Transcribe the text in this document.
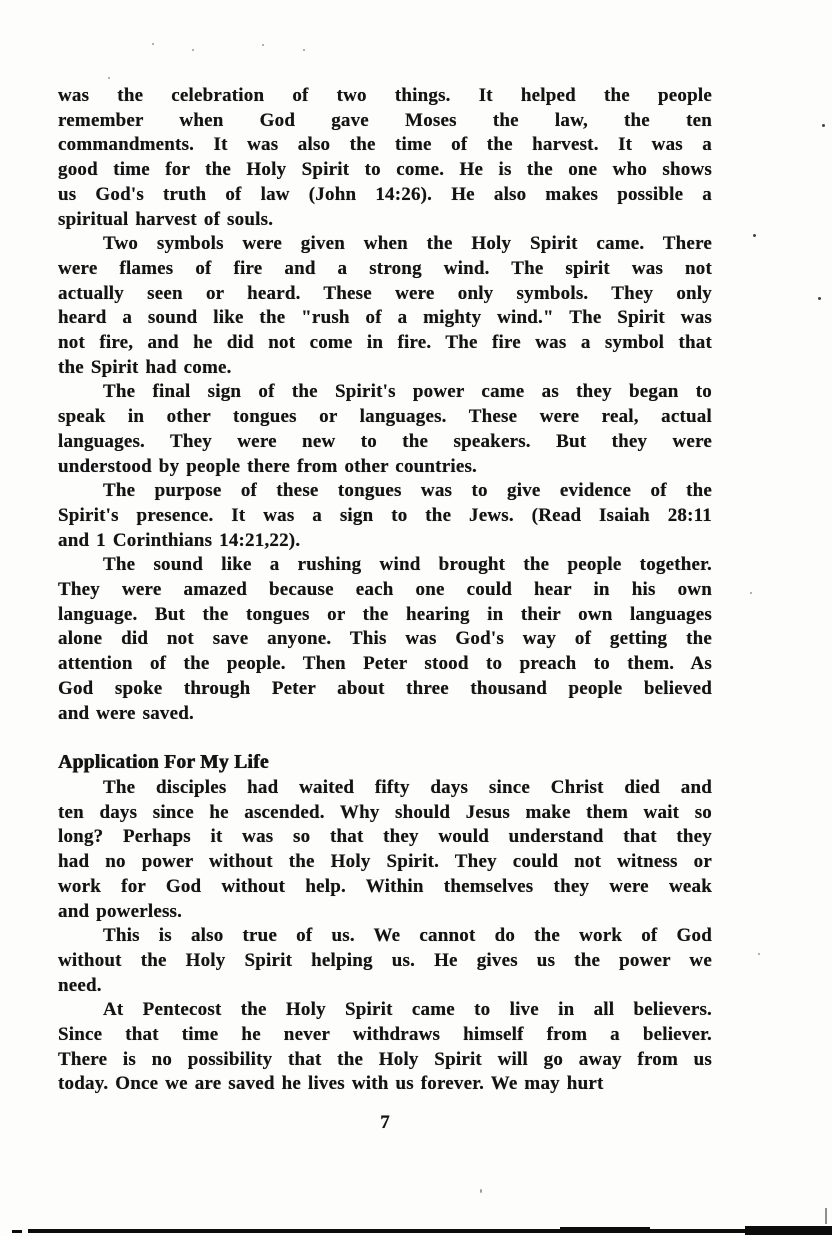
was the celebration of two things. It helped the people
remember when God gave Moses the law, the ten
commandments. It was also the time of the harvest. It was a
good time for the Holy Spirit to come. He is the one who shows
us God's truth of law (John 14:26). He also makes possible a
spiritual harvest of souls.
Two symbols were given when the Holy Spirit came. There
were flames of fire and a strong wind. The spirit was not
actually seen or heard. These were only symbols. They only
heard a sound like the "rush of a mighty wind." The Spirit was
not fire, and he did not come in fire. The fire was a symbol that
the Spirit had come.
The final sign of the Spirit's power came as they began to
speak in other tongues or languages. These were real, actual
languages. They were new to the speakers. But they were
understood by people there from other countries.
The purpose of these tongues was to give evidence of the
Spirit's presence. It was a sign to the Jews. (Read Isaiah 28:11
and 1 Corinthians 14:21,22).
The sound like a rushing wind brought the people together.
They were amazed because each one could hear in his own
language. But the tongues or the hearing in their own languages
alone did not save anyone. This was God's way of getting the
attention of the people. Then Peter stood to preach to them. As
God spoke through Peter about three thousand people believed
and were saved.
Application For My Life
The disciples had waited fifty days since Christ died and
ten days since he ascended. Why should Jesus make them wait so
long? Perhaps it was so that they would understand that they
had no power without the Holy Spirit. They could not witness or
work for God without help. Within themselves they were weak
and powerless.
This is also true of us. We cannot do the work of God
without the Holy Spirit helping us. He gives us the power we
need.
At Pentecost the Holy Spirit came to live in all believers.
Since that time he never withdraws himself from a believer.
There is no possibility that the Holy Spirit will go away from us
today. Once we are saved he lives with us forever. We may hurt
7
